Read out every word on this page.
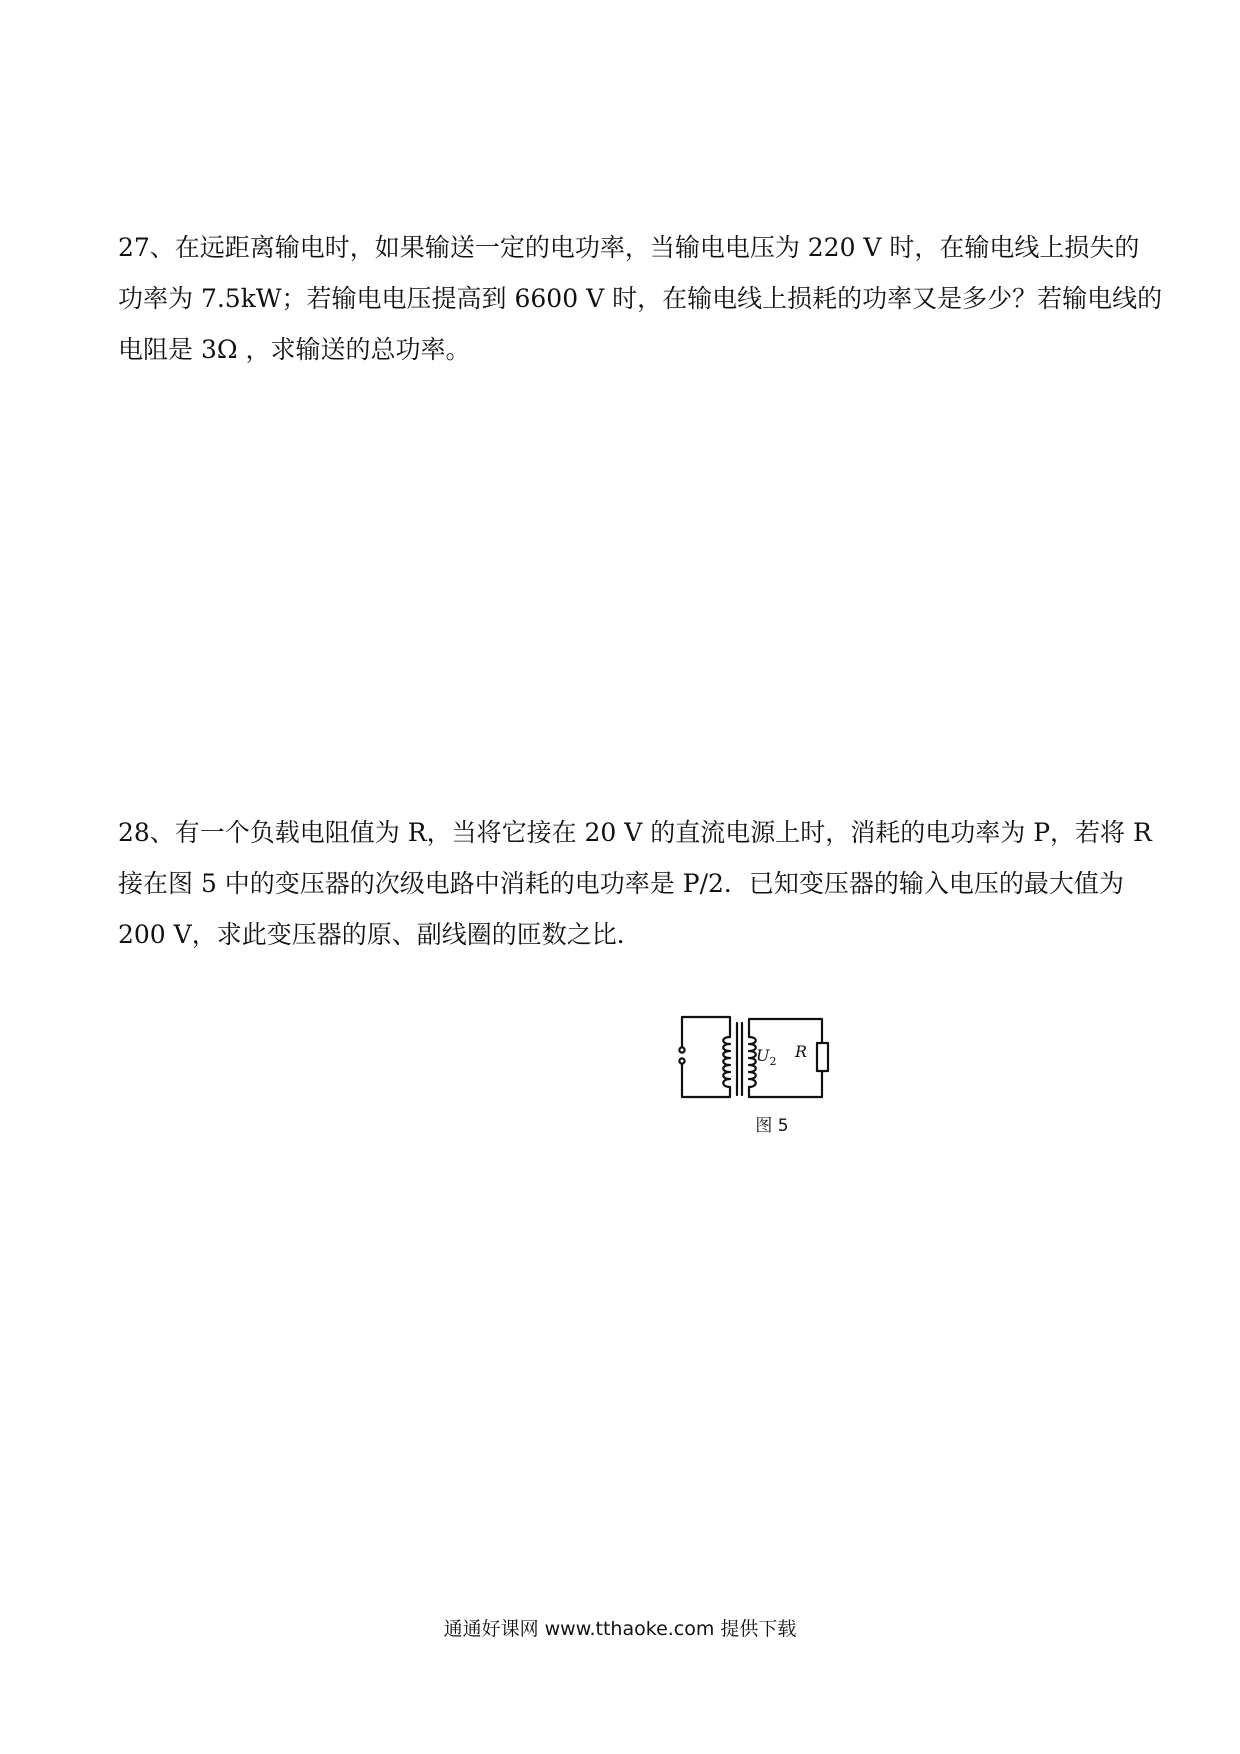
27、在远距离输电时，如果输送一定的电功率，当输电电压为 220 V 时，在输电线上损失的
功率为 7.5kW；若输电电压提高到 6600 V 时，在输电线上损耗的功率又是多少？若输电线的
电阻是 3Ω ，求输送的总功率。
28、有一个负载电阻值为 R，当将它接在 20 V 的直流电源上时，消耗的电功率为 P，若将 R
接在图 5 中的变压器的次级电路中消耗的电功率是 P/2．已知变压器的输入电压的最大值为
200 V，求此变压器的原、副线圈的匝数之比．
$U_2$
R
图 5
通通好课网 www.tthaoke.com 提供下载
